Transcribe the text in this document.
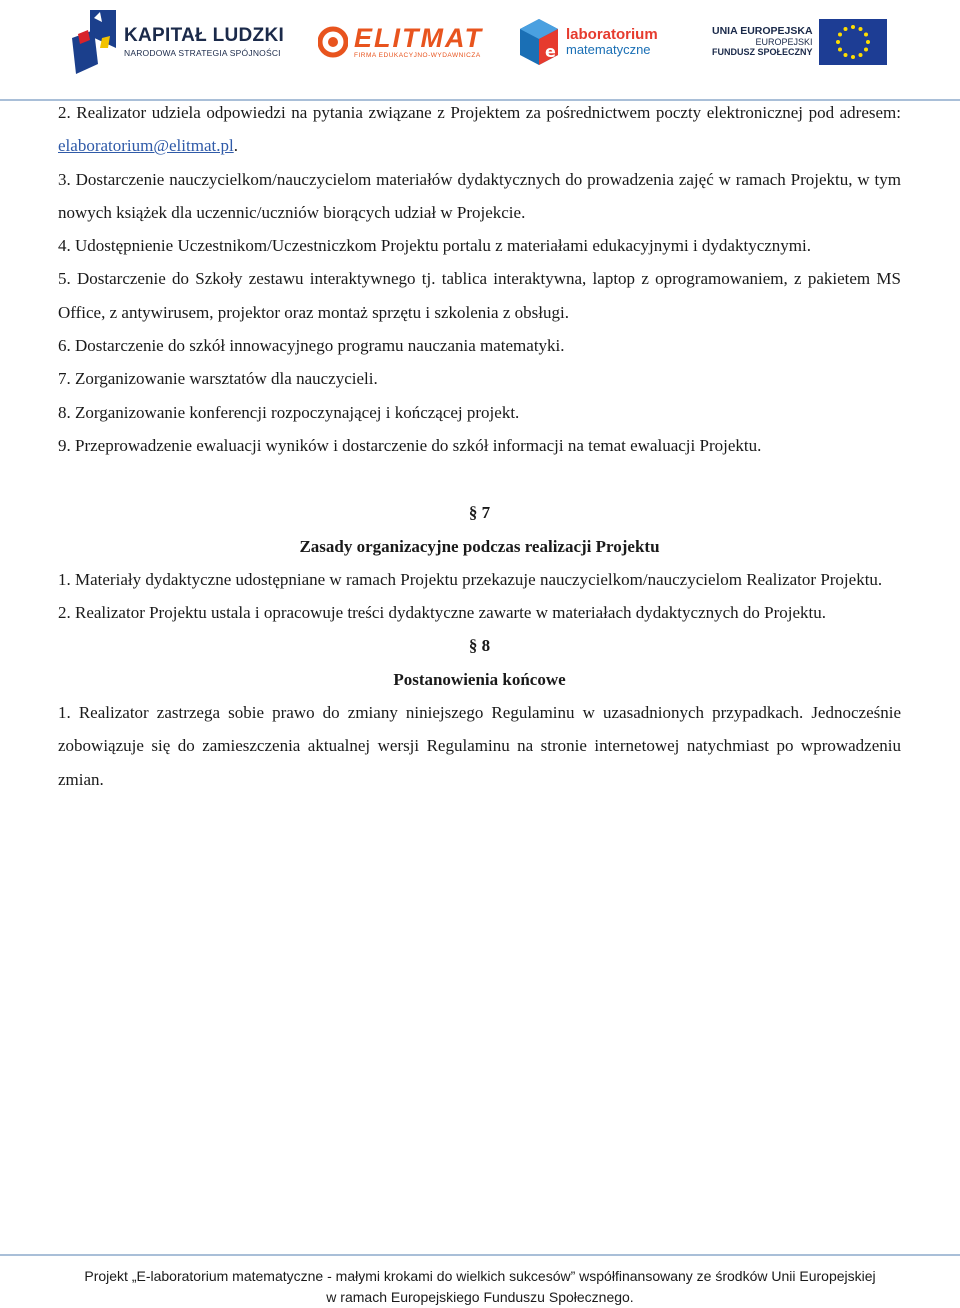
KAPITAŁ LUDZKI
NARODOWA STRATEGIA SPÓJNOŚCI
ELITMAT
FIRMA EDUKACYJNO-WYDAWNICZA	e
laboratorium
matematyczne
UNIA EUROPEJSKA
EUROPEJSKI
FUNDUSZ SPOŁECZNY

2. Realizator udziela odpowiedzi na pytania związane z Projektem za pośrednictwem poczty elektronicznej pod adresem: elaboratorium@elitmat.pl.

3. Dostarczenie nauczycielkom/nauczycielom materiałów dydaktycznych do prowadzenia zajęć w ramach Projektu, w tym nowych książek dla uczennic/uczniów biorących udział w Projekcie.

4. Udostępnienie Uczestnikom/Uczestniczkom Projektu portalu z materiałami edukacyjnymi i dydaktycznymi.

5. Dostarczenie do Szkoły zestawu interaktywnego tj. tablica interaktywna, laptop z oprogramowaniem, z pakietem MS Office, z antywirusem, projektor oraz montaż sprzętu i szkolenia z obsługi.

6. Dostarczenie do szkół innowacyjnego programu nauczania matematyki.

7. Zorganizowanie warsztatów dla nauczycieli.

8. Zorganizowanie konferencji rozpoczynającej i kończącej projekt.

9. Przeprowadzenie ewaluacji wyników i dostarczenie do szkół informacji na temat ewaluacji Projektu.

§ 7

Zasady organizacyjne podczas realizacji Projektu

1. Materiały dydaktyczne udostępniane w ramach Projektu przekazuje nauczycielkom/nauczycielom Realizator Projektu.

2. Realizator Projektu ustala i opracowuje treści dydaktyczne zawarte w materiałach dydaktycznych do Projektu.

§ 8

Postanowienia końcowe

1. Realizator zastrzega sobie prawo do zmiany niniejszego Regulaminu w uzasadnionych przypadkach. Jednocześnie zobowiązuje się do zamieszczenia aktualnej wersji Regulaminu na stronie internetowej natychmiast po wprowadzeniu zmian.

Projekt „E-laboratorium matematyczne - małymi krokami do wielkich sukcesów” współfinansowany ze środków Unii Europejskiej
w ramach Europejskiego Funduszu Społecznego.
